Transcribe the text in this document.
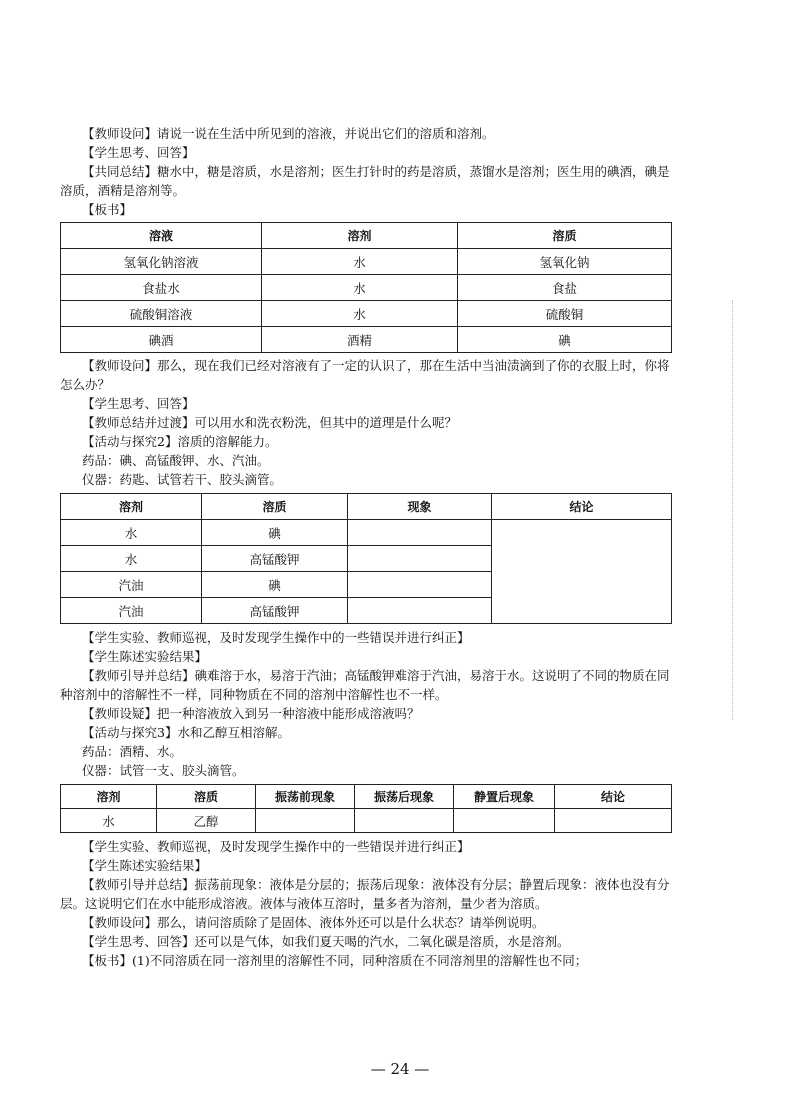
【教师设问】请说一说在生活中所见到的溶液，并说出它们的溶质和溶剂。

【学生思考、回答】

【共同总结】糖水中，糖是溶质，水是溶剂；医生打针时的药是溶质，蒸馏水是溶剂；医生用的碘酒，碘是溶质，酒精是溶剂等。

【板书】

溶液	溶剂	溶质
氢氧化钠溶液	水	氢氧化钠
食盐水	水	食盐
硫酸铜溶液	水	硫酸铜
碘酒	酒精	碘

【教师设问】那么，现在我们已经对溶液有了一定的认识了，那在生活中当油渍滴到了你的衣服上时，你将怎么办？

【学生思考、回答】

【教师总结并过渡】可以用水和洗衣粉洗，但其中的道理是什么呢？

【活动与探究2】溶质的溶解能力。

药品：碘、高锰酸钾、水、汽油。

仪器：药匙、试管若干、胶头滴管。

溶剂	溶质	现象	结论
水	碘		
水	高锰酸钾		
汽油	碘		
汽油	高锰酸钾		

【学生实验、教师巡视，及时发现学生操作中的一些错误并进行纠正】

【学生陈述实验结果】

【教师引导并总结】碘难溶于水，易溶于汽油；高锰酸钾难溶于汽油，易溶于水。这说明了不同的物质在同种溶剂中的溶解性不一样，同种物质在不同的溶剂中溶解性也不一样。

【教师设疑】把一种溶液放入到另一种溶液中能形成溶液吗？

【活动与探究3】水和乙醇互相溶解。

药品：酒精、水。

仪器：试管一支、胶头滴管。

溶剂	溶质	振荡前现象	振荡后现象	静置后现象	结论
水	乙醇				

【学生实验、教师巡视，及时发现学生操作中的一些错误并进行纠正】

【学生陈述实验结果】

【教师引导并总结】振荡前现象：液体是分层的；振荡后现象：液体没有分层；静置后现象：液体也没有分层。这说明它们在水中能形成溶液。液体与液体互溶时，量多者为溶剂，量少者为溶质。

【教师设问】那么，请问溶质除了是固体、液体外还可以是什么状态？请举例说明。

【学生思考、回答】还可以是气体，如我们夏天喝的汽水，二氧化碳是溶质，水是溶剂。

【板书】(1)不同溶质在同一溶剂里的溶解性不同，同种溶质在不同溶剂里的溶解性也不同；

— 24 —
